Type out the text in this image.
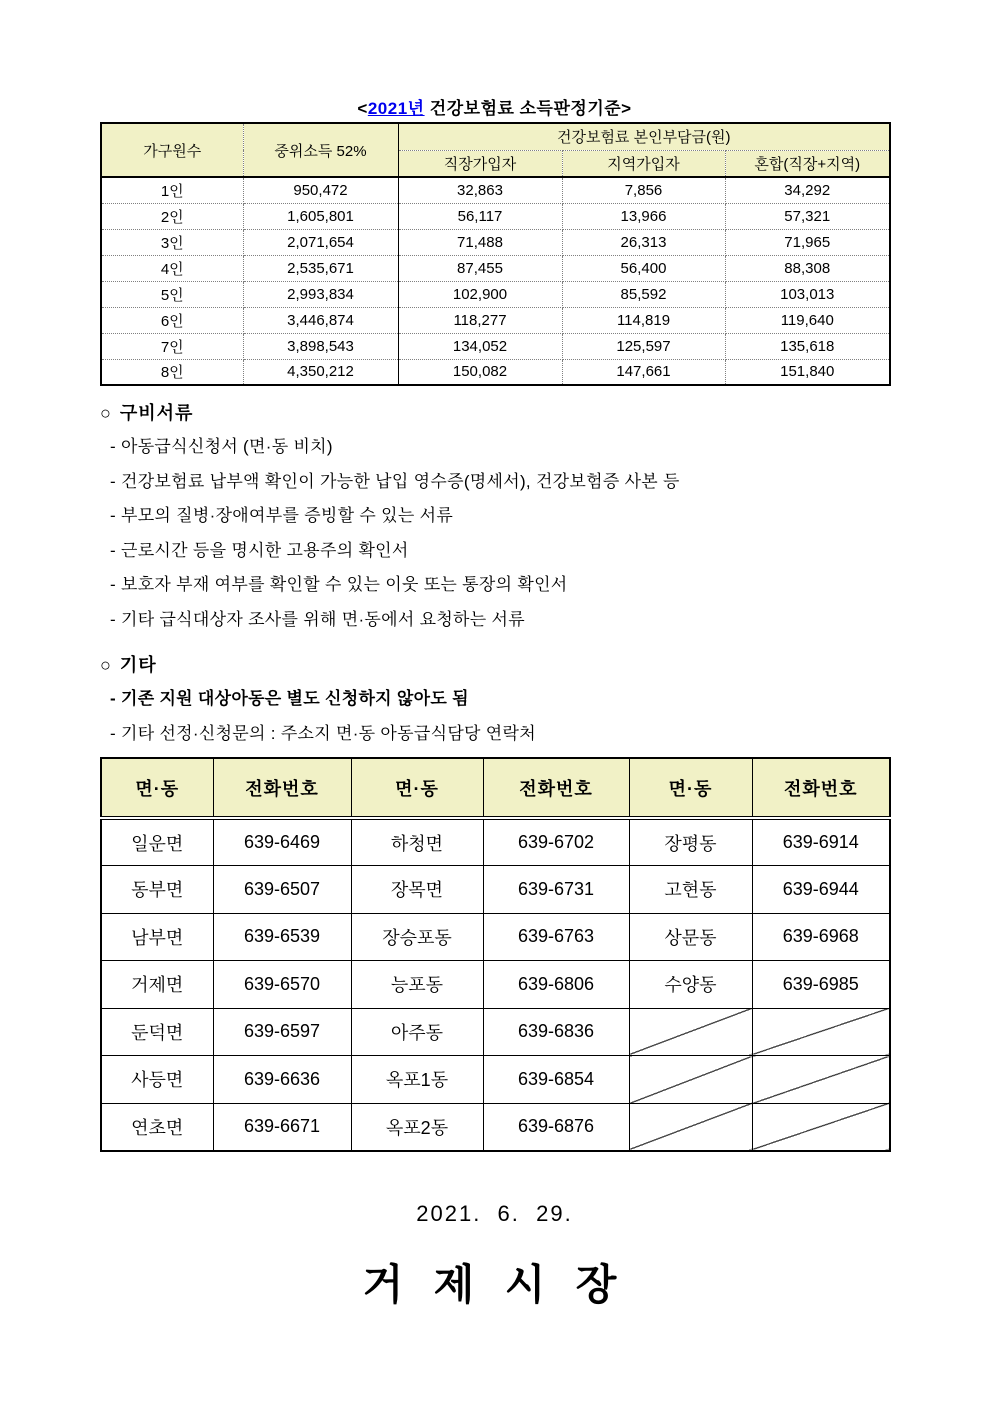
<2021년 건강보험료 소득판정기준>
가구원수	중위소득 52%	건강보험료 본인부담금(원)		
		직장가입자	지역가입자	혼합(직장+지역)
1인	950,472	32,863	7,856	34,292
2인	1,605,801	56,117	13,966	57,321
3인	2,071,654	71,488	26,313	71,965
4인	2,535,671	87,455	56,400	88,308
5인	2,993,834	102,900	85,592	103,013
6인	3,446,874	118,277	114,819	119,640
7인	3,898,543	134,052	125,597	135,618
8인	4,350,212	150,082	147,661	151,840
○ 구비서류
- 아동급식신청서 (면·동 비치)
- 건강보험료 납부액 확인이 가능한 납입 영수증(명세서), 건강보험증 사본 등
- 부모의 질병·장애여부를 증빙할 수 있는 서류
- 근로시간 등을 명시한 고용주의 확인서
- 보호자 부재 여부를 확인할 수 있는 이웃 또는 통장의 확인서
- 기타 급식대상자 조사를 위해 면·동에서 요청하는 서류
○ 기타
- 기존 지원 대상아동은 별도 신청하지 않아도 됨
- 기타 선정·신청문의 : 주소지 면·동 아동급식담당 연락처
면·동	전화번호	면·동	전화번호	면·동	전화번호
일운면	639-6469	하청면	639-6702	장평동	639-6914
동부면	639-6507	장목면	639-6731	고현동	639-6944
남부면	639-6539	장승포동	639-6763	상문동	639-6968
거제면	639-6570	능포동	639-6806	수양동	639-6985
둔덕면	639-6597	아주동	639-6836		
사등면	639-6636	옥포1동	639-6854		
연초면	639-6671	옥포2동	639-6876		
2021.  6.  29.
거 제 시 장
